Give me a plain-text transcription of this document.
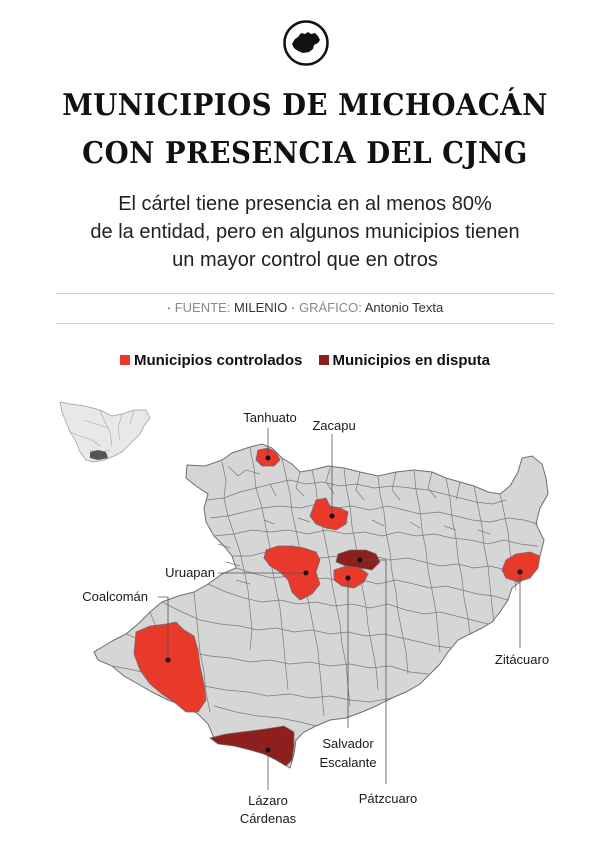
MUNICIPIOS DE MICHOACÁN
CON PRESENCIA DEL CJNG

El cártel tiene presencia en al menos 80%
de la entidad, pero en algunos municipios tienen
un mayor control que en otros

· FUENTE: MILENIO · GRÁFICO: Antonio Texta
Municipios controlados Municipios en disputa
Tanhuato
Zacapu
Uruapan
Coalcomán
Zitácuaro
Salvador
Escalante
Pátzcuaro
Lázaro
Cárdenas
